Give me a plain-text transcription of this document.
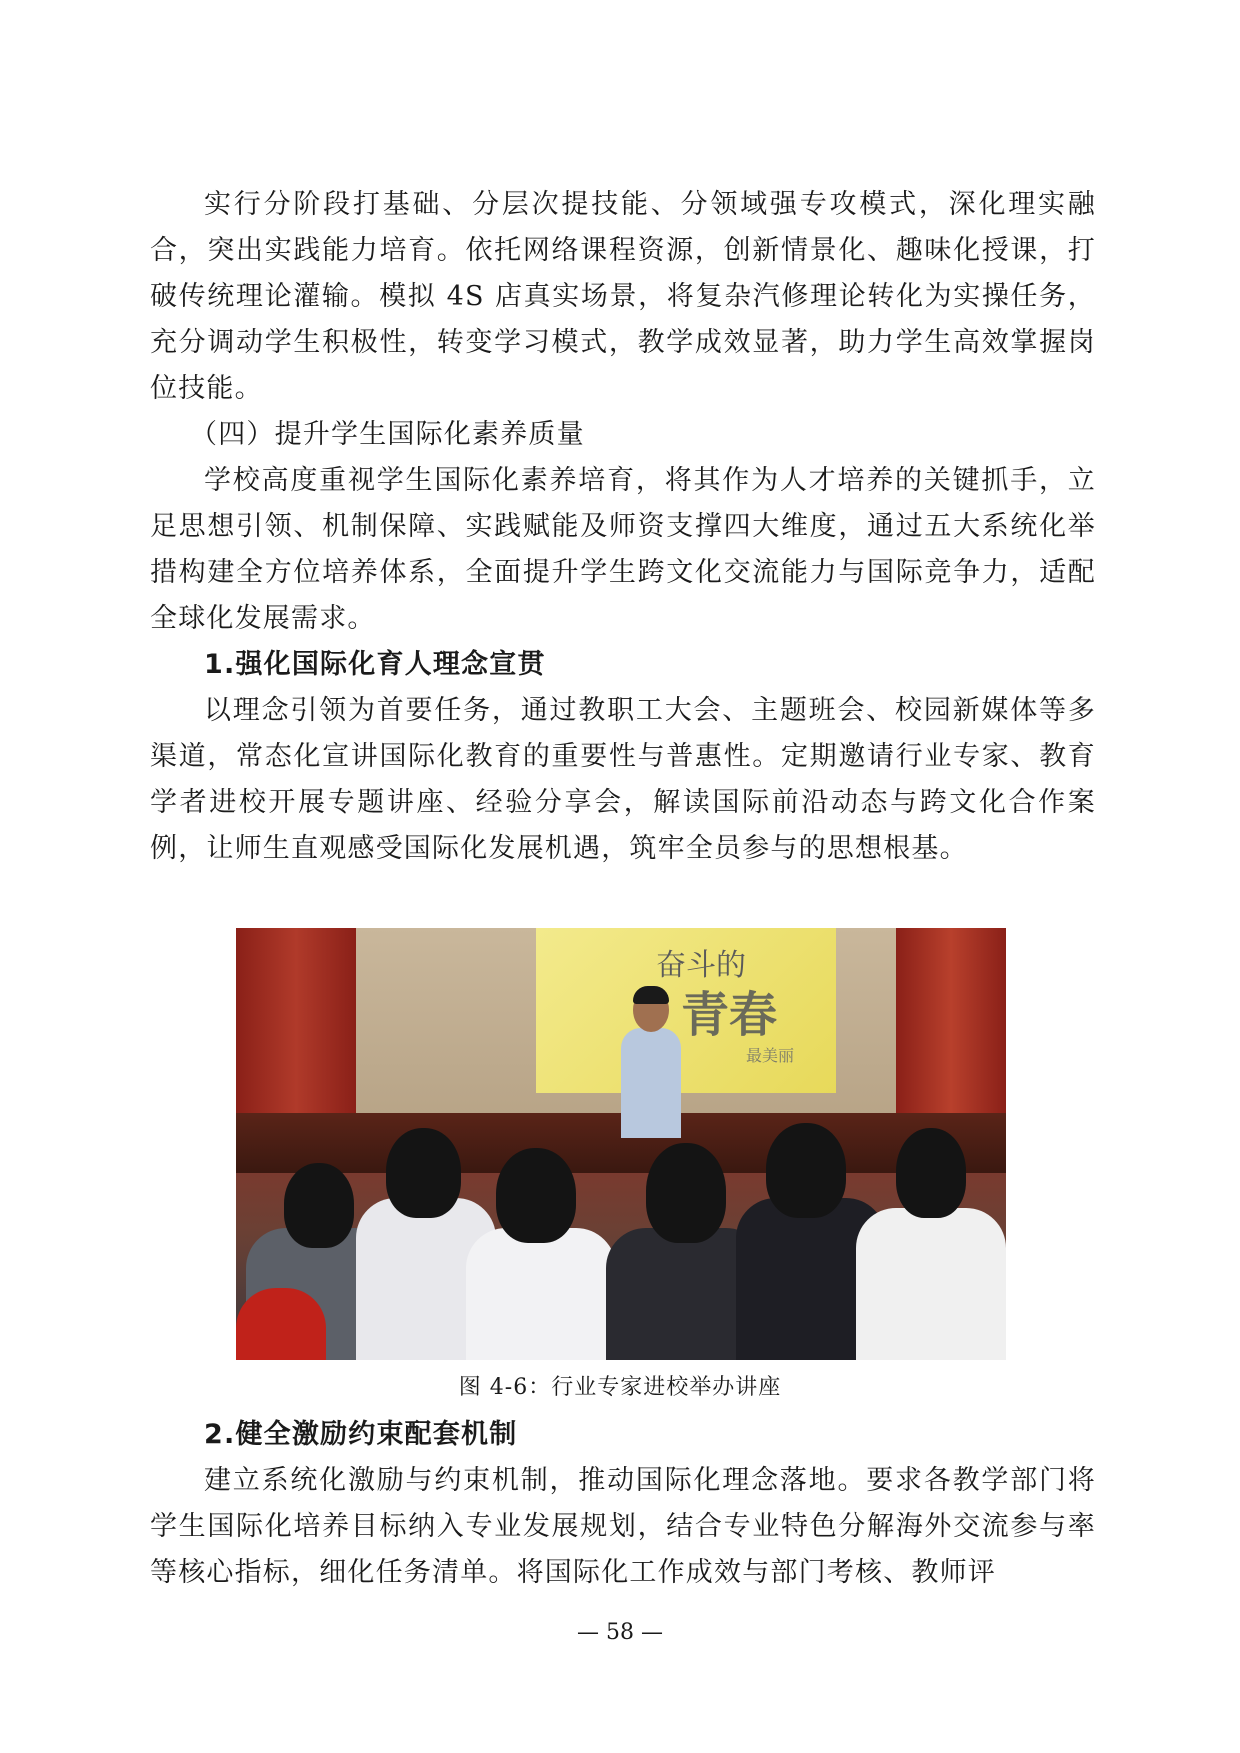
实行分阶段打基础、分层次提技能、分领域强专攻模式，深化理实融合，突出实践能力培育。依托网络课程资源，创新情景化、趣味化授课，打破传统理论灌输。模拟 4S 店真实场景，将复杂汽修理论转化为实操任务，充分调动学生积极性，转变学习模式，教学成效显著，助力学生高效掌握岗位技能。

（四）提升学生国际化素养质量

学校高度重视学生国际化素养培育，将其作为人才培养的关键抓手，立足思想引领、机制保障、实践赋能及师资支撑四大维度，通过五大系统化举措构建全方位培养体系，全面提升学生跨文化交流能力与国际竞争力，适配全球化发展需求。

1.强化国际化育人理念宣贯

以理念引领为首要任务，通过教职工大会、主题班会、校园新媒体等多渠道，常态化宣讲国际化教育的重要性与普惠性。定期邀请行业专家、教育学者进校开展专题讲座、经验分享会，解读国际前沿动态与跨文化合作案例，让师生直观感受国际化发展机遇，筑牢全员参与的思想根基。

奋斗的
青春
最美丽
图 4-6：行业专家进校举办讲座

2.健全激励约束配套机制

建立系统化激励与约束机制，推动国际化理念落地。要求各教学部门将学生国际化培养目标纳入专业发展规划，结合专业特色分解海外交流参与率等核心指标，细化任务清单。将国际化工作成效与部门考核、教师评

— 58 —
